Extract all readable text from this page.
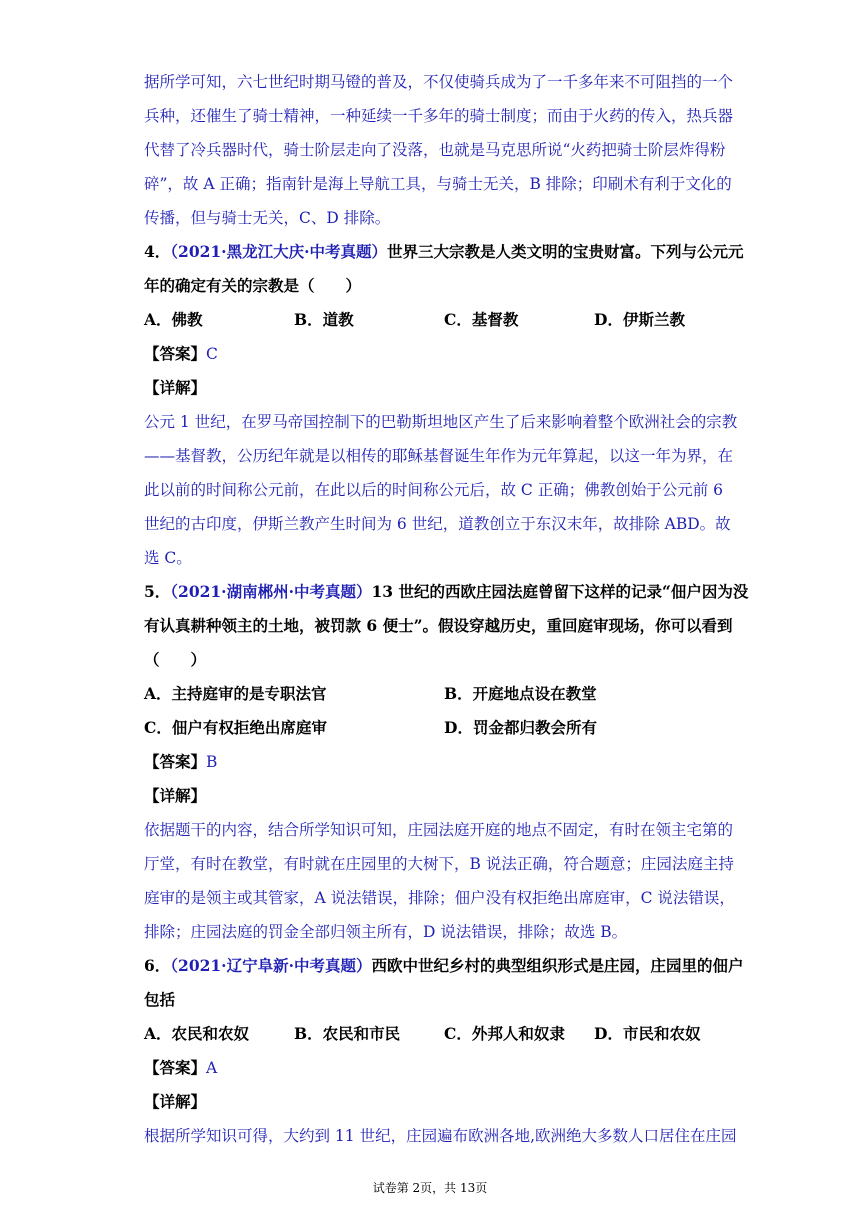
据所学可知，六七世纪时期马镫的普及，不仅使骑兵成为了一千多年来不可阻挡的一个
兵种，还催生了骑士精神，一种延续一千多年的骑士制度；而由于火药的传入，热兵器
代替了冷兵器时代，骑士阶层走向了没落，也就是马克思所说“火药把骑士阶层炸得粉
碎”，故 A 正确；指南针是海上导航工具，与骑士无关，B 排除；印刷术有利于文化的
传播，但与骑士无关，C、D 排除。
4．（2021·黑龙江大庆·中考真题）世界三大宗教是人类文明的宝贵财富。下列与公元元
年的确定有关的宗教是（　　）
A．佛教	B．道教	C．基督教	D．伊斯兰教
【答案】C
【详解】
公元 1 世纪，在罗马帝国控制下的巴勒斯坦地区产生了后来影响着整个欧洲社会的宗教
——基督教，公历纪年就是以相传的耶稣基督诞生年作为元年算起，以这一年为界，在
此以前的时间称公元前，在此以后的时间称公元后，故 C 正确；佛教创始于公元前 6
世纪的古印度，伊斯兰教产生时间为 6 世纪，道教创立于东汉末年，故排除 ABD。故
选 C。
5．（2021·湖南郴州·中考真题）13 世纪的西欧庄园法庭曾留下这样的记录“佃户因为没
有认真耕种领主的土地，被罚款 6 便士”。假设穿越历史，重回庭审现场，你可以看到
（　　）
A．主持庭审的是专职法官	B．开庭地点设在教堂
C．佃户有权拒绝出席庭审	D．罚金都归教会所有
【答案】B
【详解】
依据题干的内容，结合所学知识可知，庄园法庭开庭的地点不固定，有时在领主宅第的
厅堂，有时在教堂，有时就在庄园里的大树下，B 说法正确，符合题意；庄园法庭主持
庭审的是领主或其管家，A 说法错误，排除；佃户没有权拒绝出席庭审，C 说法错误，
排除；庄园法庭的罚金全部归领主所有，D 说法错误，排除；故选 B。
6．（2021·辽宁阜新·中考真题）西欧中世纪乡村的典型组织形式是庄园，庄园里的佃户
包括
A．农民和农奴	B．农民和市民	C．外邦人和奴隶 D．市民和农奴
【答案】A
【详解】
根据所学知识可得，大约到 11 世纪，庄园遍布欧洲各地,欧洲绝大多数人口居住在庄园
试卷第 2页，共 13页
